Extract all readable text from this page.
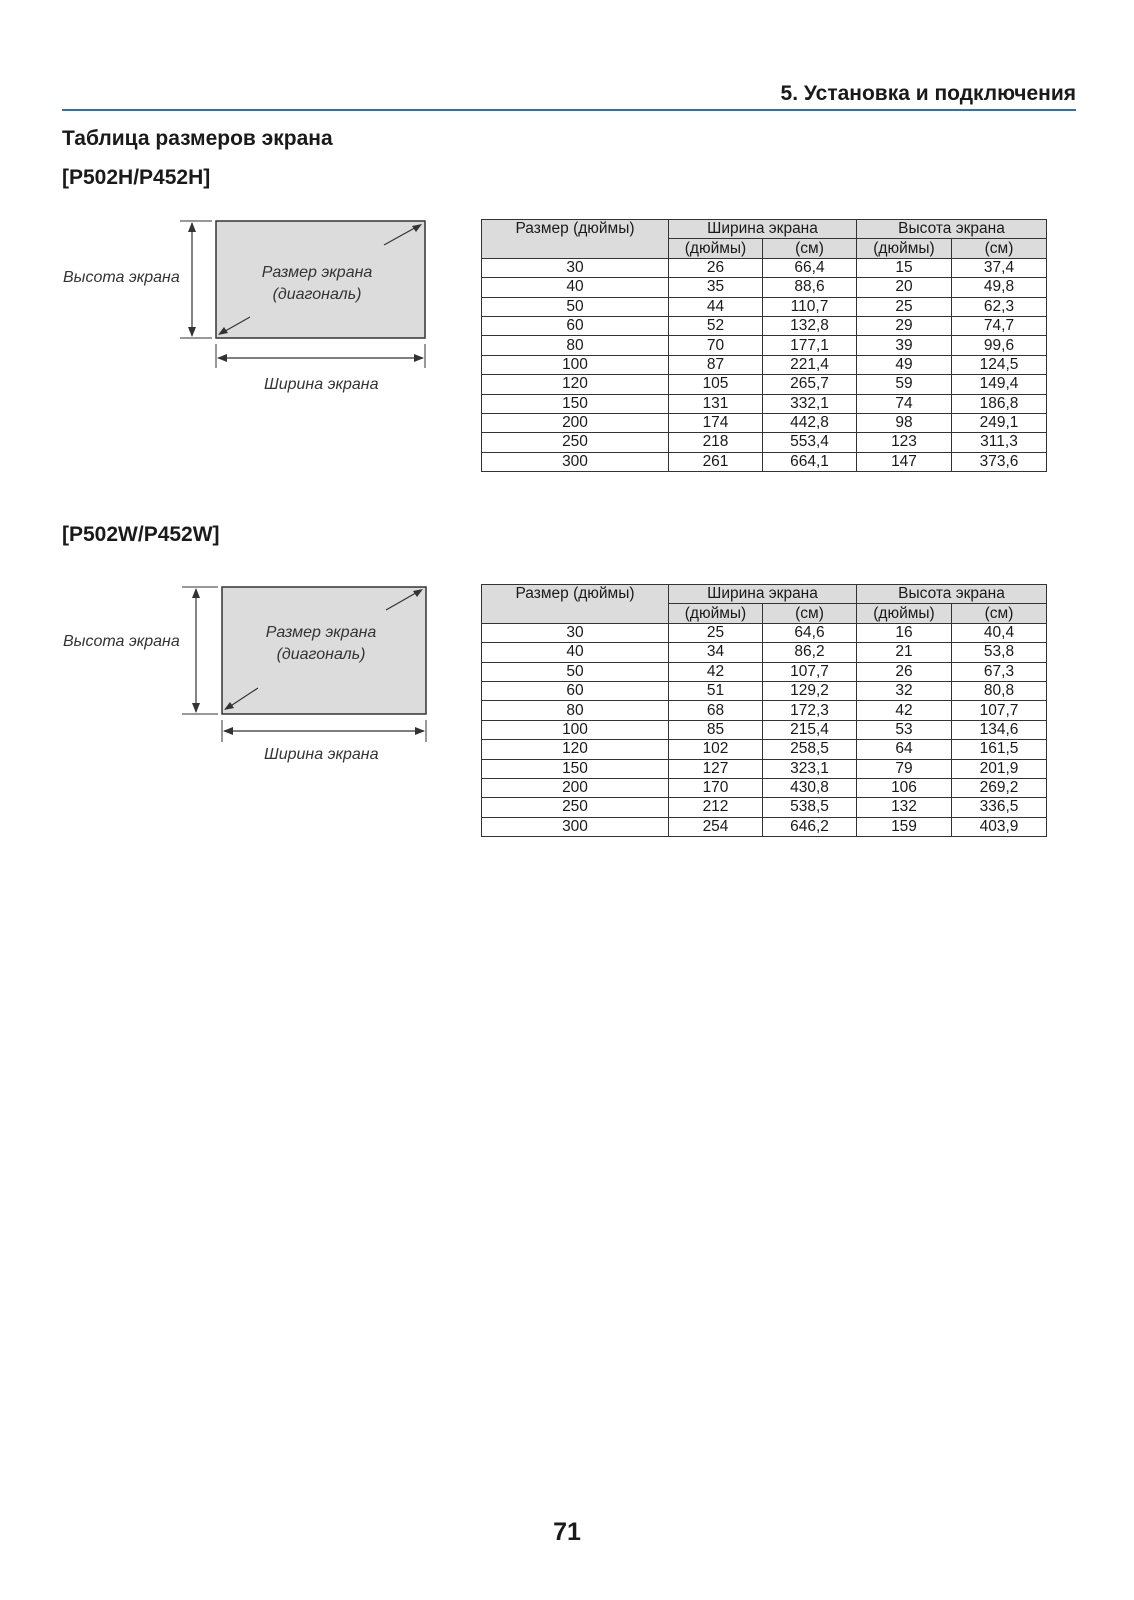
5. Установка и подключения
Таблица размеров экрана
[P502H/P452H]
Высота экрана	Размер экрана
(диагональ)
Ширина экрана
Размер (дюймы)	Ширина экрана		Высота экрана	
	(дюймы)	(см)	(дюймы)	(см)
30	26	66,4	15	37,4
40	35	88,6	20	49,8
50	44	110,7	25	62,3
60	52	132,8	29	74,7
80	70	177,1	39	99,6
100	87	221,4	49	124,5
120	105	265,7	59	149,4
150	131	332,1	74	186,8
200	174	442,8	98	249,1
250	218	553,4	123	311,3
300	261	664,1	147	373,6
[P502W/P452W]
Высота экрана
Размер экрана
(диагональ)
Ширина экрана
Размер (дюймы)	Ширина экрана		Высота экрана	
	(дюймы)	(см)	(дюймы)	(см)
30	25	64,6	16	40,4
40	34	86,2	21	53,8
50	42	107,7	26	67,3
60	51	129,2	32	80,8
80	68	172,3	42	107,7
100	85	215,4	53	134,6
120	102	258,5	64	161,5
150	127	323,1	79	201,9
200	170	430,8	106	269,2
250	212	538,5	132	336,5
300	254	646,2	159	403,9
71
